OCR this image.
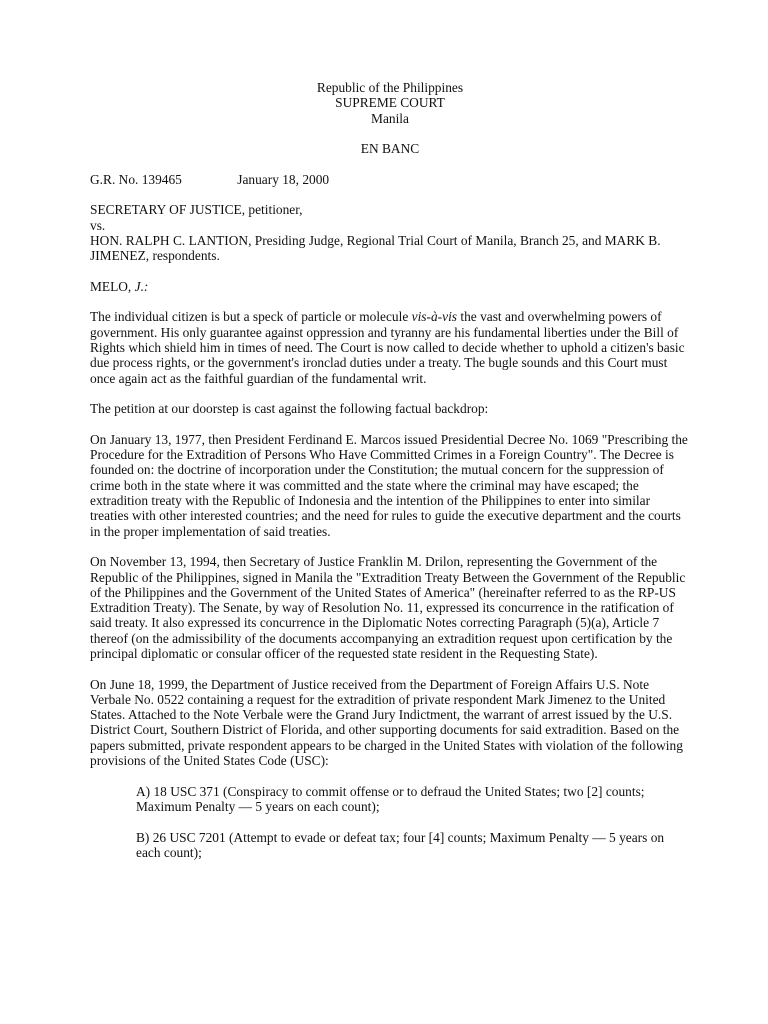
Republic of the Philippines
SUPREME COURT
Manila
EN BANC
G.R. No. 139465	January 18, 2000
SECRETARY OF JUSTICE, petitioner,
vs.
HON. RALPH C. LANTION, Presiding Judge, Regional Trial Court of Manila, Branch 25, and MARK B. JIMENEZ, respondents.
MELO, J.:

The individual citizen is but a speck of particle or molecule vis-à-vis the vast and overwhelming powers of government. His only guarantee against oppression and tyranny are his fundamental liberties under the Bill of Rights which shield him in times of need. The Court is now called to decide whether to uphold a citizen's basic due process rights, or the government's ironclad duties under a treaty. The bugle sounds and this Court must once again act as the faithful guardian of the fundamental writ.

The petition at our doorstep is cast against the following factual backdrop:

On January 13, 1977, then President Ferdinand E. Marcos issued Presidential Decree No. 1069 "Prescribing the Procedure for the Extradition of Persons Who Have Committed Crimes in a Foreign Country". The Decree is founded on: the doctrine of incorporation under the Constitution; the mutual concern for the suppression of crime both in the state where it was committed and the state where the criminal may have escaped; the extradition treaty with the Republic of Indonesia and the intention of the Philippines to enter into similar treaties with other interested countries; and the need for rules to guide the executive department and the courts in the proper implementation of said treaties.

On November 13, 1994, then Secretary of Justice Franklin M. Drilon, representing the Government of the Republic of the Philippines, signed in Manila the "Extradition Treaty Between the Government of the Republic of the Philippines and the Government of the United States of America" (hereinafter referred to as the RP-US Extradition Treaty). The Senate, by way of Resolution No. 11, expressed its concurrence in the ratification of said treaty. It also expressed its concurrence in the Diplomatic Notes correcting Paragraph (5)(a), Article 7 thereof (on the admissibility of the documents accompanying an extradition request upon certification by the principal diplomatic or consular officer of the requested state resident in the Requesting State).

On June 18, 1999, the Department of Justice received from the Department of Foreign Affairs U.S. Note Verbale No. 0522 containing a request for the extradition of private respondent Mark Jimenez to the United States. Attached to the Note Verbale were the Grand Jury Indictment, the warrant of arrest issued by the U.S. District Court, Southern District of Florida, and other supporting documents for said extradition. Based on the papers submitted, private respondent appears to be charged in the United States with violation of the following provisions of the United States Code (USC):

A) 18 USC 371 (Conspiracy to commit offense or to defraud the United States; two [2] counts; Maximum Penalty — 5 years on each count);

B) 26 USC 7201 (Attempt to evade or defeat tax; four [4] counts; Maximum Penalty — 5 years on each count);
